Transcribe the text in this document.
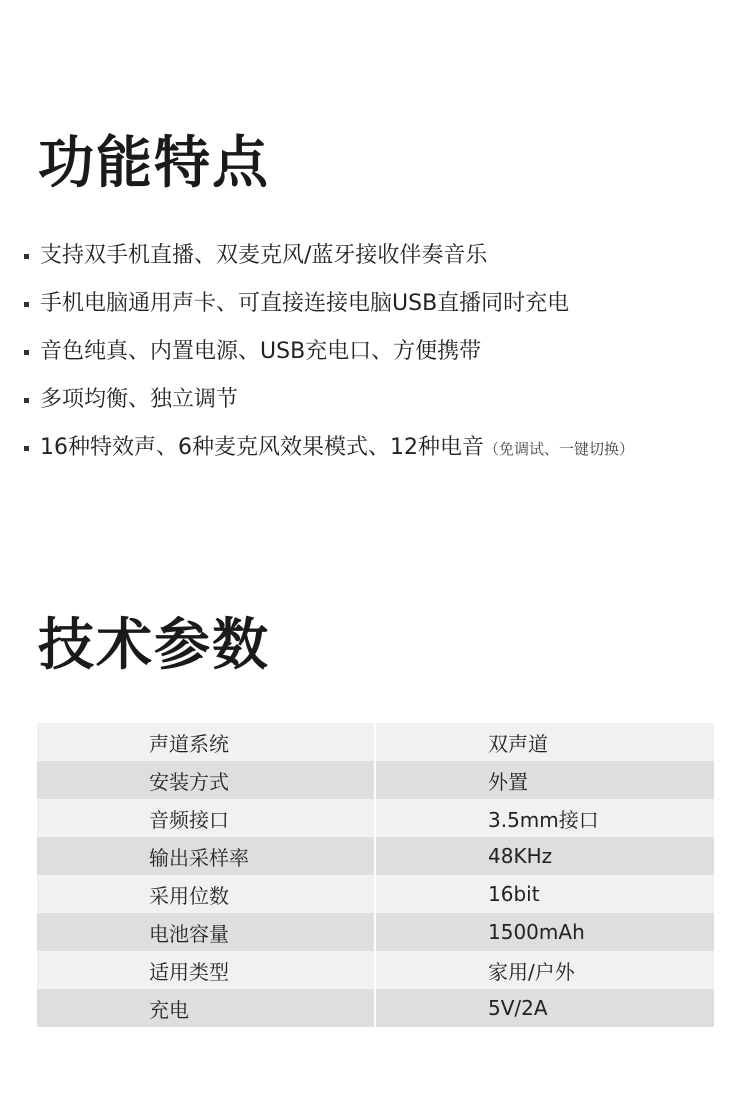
功能特点
支持双手机直播、双麦克风/蓝牙接收伴奏音乐
手机电脑通用声卡、可直接连接电脑USB直播同时充电
音色纯真、内置电源、USB充电口、方便携带
多项均衡、独立调节
16种特效声、6种麦克风效果模式、12种电音（免调试、一键切换）
技术参数
声道系统	双声道
安装方式	外置
音频接口	3.5mm接口
输出采样率	48KHz
采用位数	16bit
电池容量	1500mAh
适用类型	家用/户外
充电	5V/2A
